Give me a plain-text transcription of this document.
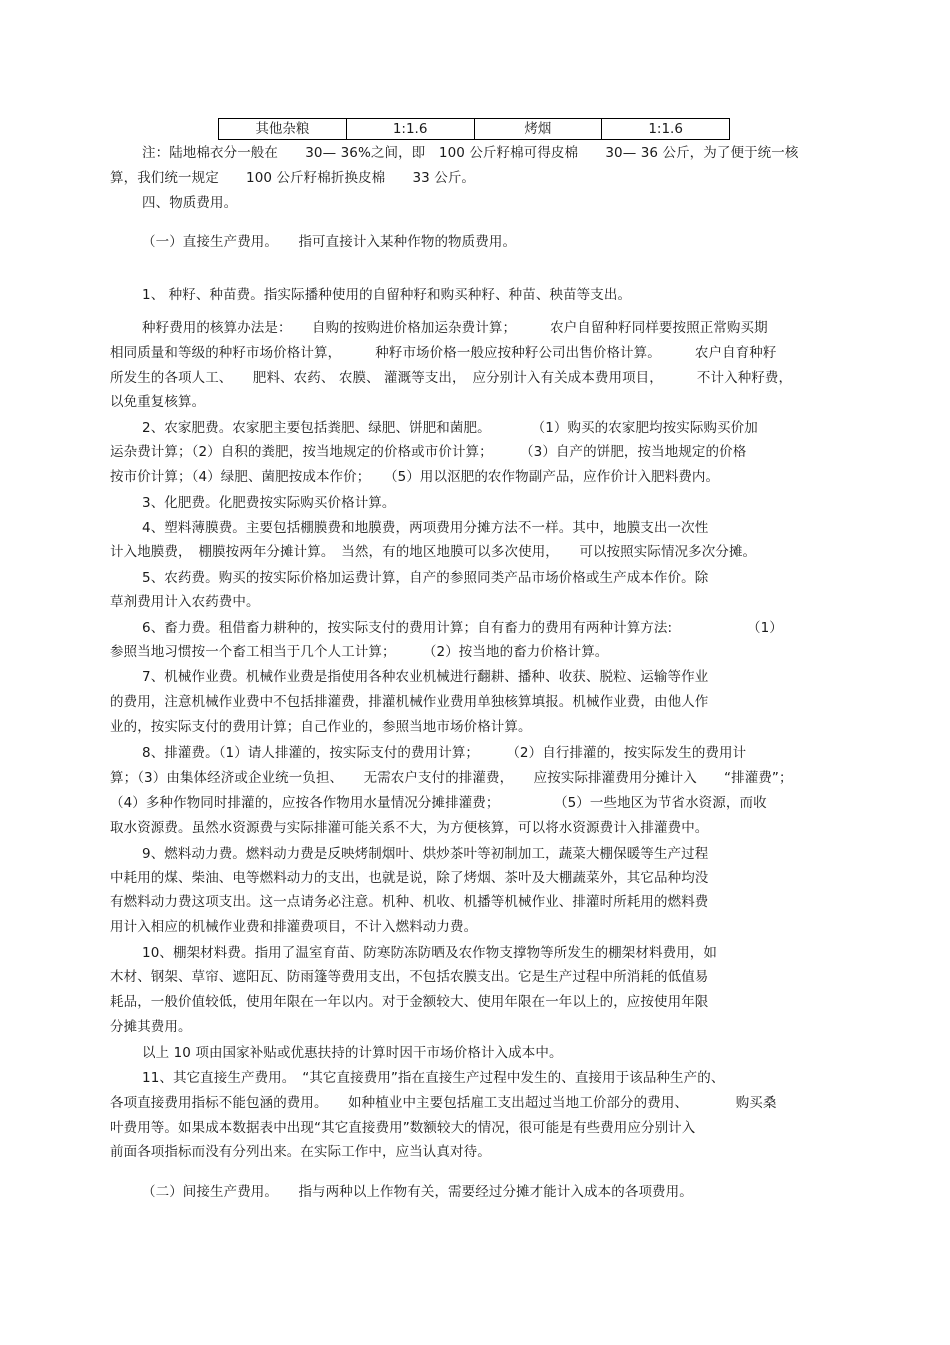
其他杂粮	1:1.6	烤烟	1:1.6

注：陆地棉衣分一般在　　30— 36%之间，即　100 公斤籽棉可得皮棉　　30— 36 公斤，为了便于统一核

算，我们统一规定　　100 公斤籽棉折换皮棉　　33 公斤。

四、物质费用。

（一）直接生产费用。　　指可直接计入某种作物的物质费用。

1、 种籽、种苗费。指实际播种使用的自留种籽和购买种籽、种苗、秧苗等支出。

种籽费用的核算办法是：　　自购的按购进价格加运杂费计算；　　　农户自留种籽同样要按照正常购买期

相同质量和等级的种籽市场价格计算，　　　种籽市场价格一般应按种籽公司出售价格计算。　　　农户自育种籽

所发生的各项人工、　　肥料、农药、 农膜、 灌溉等支出，　应分别计入有关成本费用项目，　　　不计入种籽费，

以免重复核算。

2、农家肥费。农家肥主要包括粪肥、绿肥、饼肥和菌肥。　　　　（1）购买的农家肥均按实际购买价加

运杂费计算；（2）自积的粪肥，按当地规定的价格或市价计算；　　　（3）自产的饼肥，按当地规定的价格

按市价计算；（4）绿肥、菌肥按成本作价；　　（5）用以沤肥的农作物副产品，应作价计入肥料费内。

3、化肥费。化肥费按实际购买价格计算。

4、塑料薄膜费。主要包括棚膜费和地膜费，两项费用分摊方法不一样。其中，地膜支出一次性

计入地膜费，　棚膜按两年分摊计算。　当然，有的地区地膜可以多次使用，　　可以按照实际情况多次分摊。

5、农药费。购买的按实际价格加运费计算，自产的参照同类产品市场价格或生产成本作价。除

草剂费用计入农药费中。

6、畜力费。租借畜力耕种的，按实际支付的费用计算；自有畜力的费用有两种计算方法:　　　　　　（1）

参照当地习惯按一个畜工相当于几个人工计算；　　　（2）按当地的畜力价格计算。

7、机械作业费。机械作业费是指使用各种农业机械进行翻耕、播种、收获、脱粒、运输等作业

的费用，注意机械作业费中不包括排灌费，排灌机械作业费用单独核算填报。机械作业费，由他人作

业的，按实际支付的费用计算；自己作业的，参照当地市场价格计算。

8、排灌费。（1）请人排灌的，按实际支付的费用计算；　　　（2）自行排灌的，按实际发生的费用计

算；（3）由集体经济或企业统一负担、　　无需农户支付的排灌费，　　应按实际排灌费用分摊计入　　“排灌费”；

（4）多种作物同时排灌的，应按各作物用水量情况分摊排灌费；　　　　　（5）一些地区为节省水资源，而收

取水资源费。虽然水资源费与实际排灌可能关系不大，为方便核算，可以将水资源费计入排灌费中。

9、燃料动力费。燃料动力费是反映烤制烟叶、烘炒茶叶等初制加工，蔬菜大棚保暖等生产过程

中耗用的煤、柴油、电等燃料动力的支出，也就是说，除了烤烟、茶叶及大棚蔬菜外，其它品种均没

有燃料动力费这项支出。这一点请务必注意。机种、机收、机播等机械作业、排灌时所耗用的燃料费

用计入相应的机械作业费和排灌费项目，不计入燃料动力费。

10、棚架材料费。指用了温室育苗、防寒防冻防晒及农作物支撑物等所发生的棚架材料费用，如

木材、钢架、草帘、遮阳瓦、防雨篷等费用支出，不包括农膜支出。它是生产过程中所消耗的低值易

耗品，一般价值较低，使用年限在一年以内。对于金额较大、使用年限在一年以上的，应按使用年限

分摊其费用。

以上 10 项由国家补贴或优惠扶持的计算时因干市场价格计入成本中。

11、其它直接生产费用。　“其它直接费用”指在直接生产过程中发生的、直接用于该品种生产的、

各项直接费用指标不能包涵的费用。　　如种植业中主要包括雇工支出超过当地工价部分的费用、　　　　购买桑

叶费用等。如果成本数据表中出现“其它直接费用”数额较大的情况，很可能是有些费用应分别计入

前面各项指标而没有分列出来。在实际工作中，应当认真对待。

（二）间接生产费用。　　指与两种以上作物有关，需要经过分摊才能计入成本的各项费用。
